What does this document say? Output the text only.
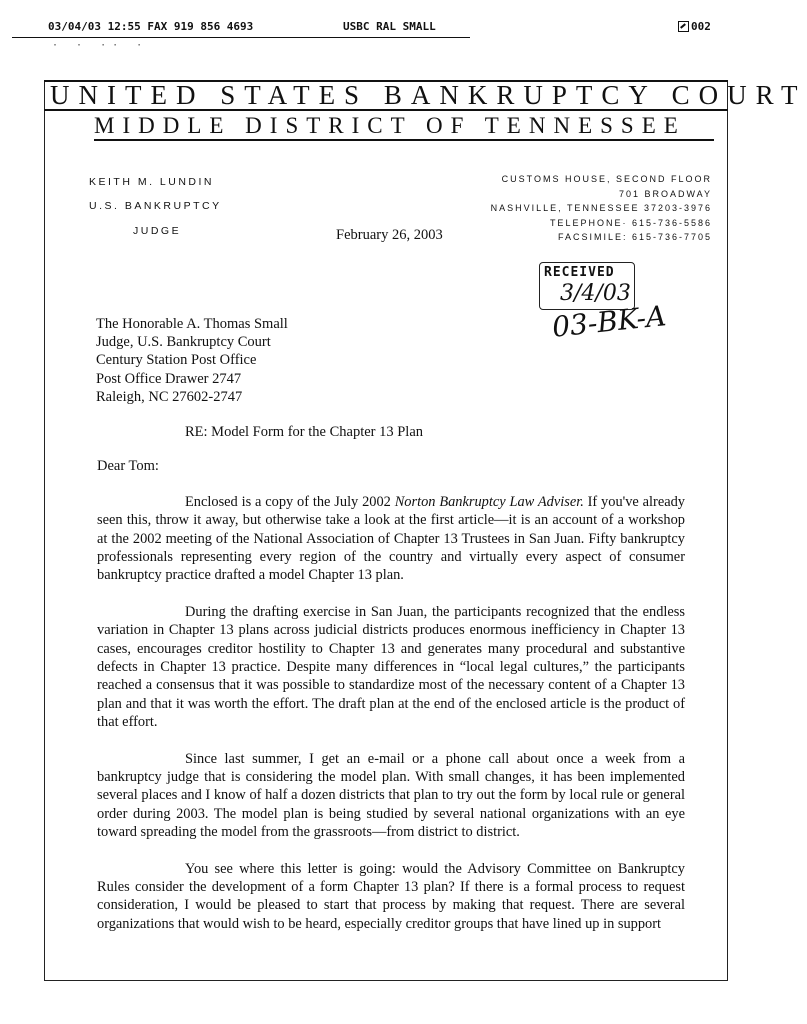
03/04/03 12:55 FAX 919 856 4693	USBC RAL SMALL	002
· · ·· ·
UNITED STATES BANKRUPTCY COURT
MIDDLE DISTRICT OF TENNESSEE
KEITH M. LUNDIN
U.S. BANKRUPTCY
JUDGE
CUSTOMS HOUSE, SECOND FLOOR
701 BROADWAY
NASHVILLE, TENNESSEE 37203-3976
TELEPHONE· 615-736-5586
FACSIMILE: 615-736-7705
February 26, 2003
RECEIVED
3/4/03
03-BK-A
The Honorable A. Thomas Small
Judge, U.S. Bankruptcy Court
Century Station Post Office
Post Office Drawer 2747
Raleigh, NC 27602-2747
RE: Model Form for the Chapter 13 Plan
Dear Tom:

Enclosed is a copy of the July 2002 Norton Bankruptcy Law Adviser. If you've already seen this, throw it away, but otherwise take a look at the first article—it is an account of a workshop at the 2002 meeting of the National Association of Chapter 13 Trustees in San Juan. Fifty bankruptcy professionals representing every region of the country and virtually every aspect of consumer bankruptcy practice drafted a model Chapter 13 plan.

During the drafting exercise in San Juan, the participants recognized that the endless variation in Chapter 13 plans across judicial districts produces enormous inefficiency in Chapter 13 cases, encourages creditor hostility to Chapter 13 and generates many procedural and substantive defects in Chapter 13 practice. Despite many differences in “local legal cultures,” the participants reached a consensus that it was possible to standardize most of the necessary content of a Chapter 13 plan and that it was worth the effort. The draft plan at the end of the enclosed article is the product of that effort.

Since last summer, I get an e-mail or a phone call about once a week from a bankruptcy judge that is considering the model plan. With small changes, it has been implemented several places and I know of half a dozen districts that plan to try out the form by local rule or general order during 2003. The model plan is being studied by several national organizations with an eye toward spreading the model from the grassroots—from district to district.

You see where this letter is going: would the Advisory Committee on Bankruptcy Rules consider the development of a form Chapter 13 plan? If there is a formal process to request consideration, I would be pleased to start that process by making that request. There are several organizations that would wish to be heard, especially creditor groups that have lined up in support
